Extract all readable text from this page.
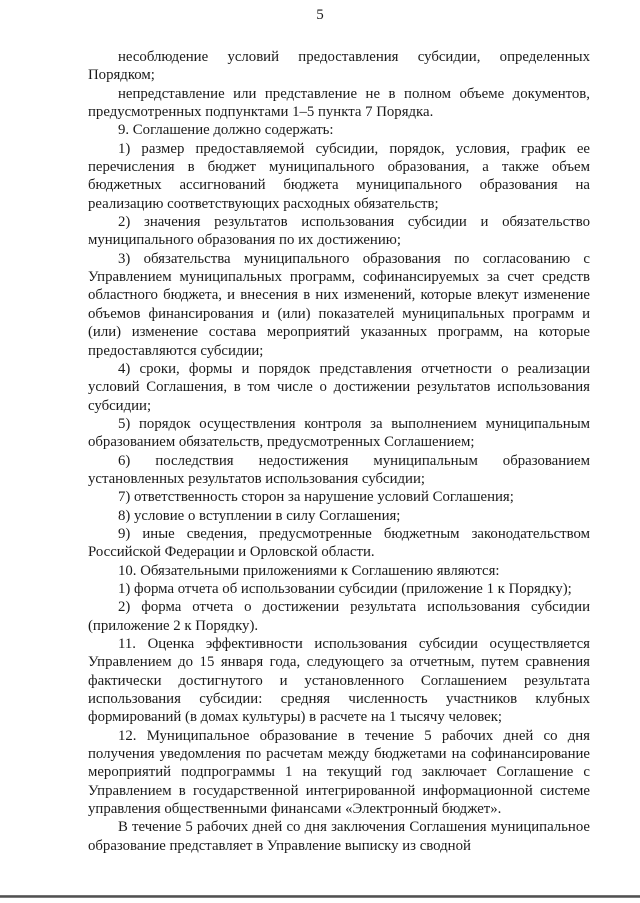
5

несоблюдение условий предоставления субсидии, определенных Порядком;

непредставление или представление не в полном объеме документов, предусмотренных подпунктами 1–5 пункта 7 Порядка.

9. Соглашение должно содержать:

1) размер предоставляемой субсидии, порядок, условия, график ее перечисления в бюджет муниципального образования, а также объем бюджетных ассигнований бюджета муниципального образования на реализацию соответствующих расходных обязательств;

2) значения результатов использования субсидии и обязательство муниципального образования по их достижению;

3) обязательства муниципального образования по согласованию с Управлением муниципальных программ, софинансируемых за счет средств областного бюджета, и внесения в них изменений, которые влекут изменение объемов финансирования и (или) показателей муниципальных программ и (или) изменение состава мероприятий указанных программ, на которые предоставляются субсидии;

4) сроки, формы и порядок представления отчетности о реализации условий Соглашения, в том числе о достижении результатов использования субсидии;

5) порядок осуществления контроля за выполнением муниципальным образованием обязательств, предусмотренных Соглашением;

6) последствия недостижения муниципальным образованием установленных результатов использования субсидии;

7) ответственность сторон за нарушение условий Соглашения;

8) условие о вступлении в силу Соглашения;

9) иные сведения, предусмотренные бюджетным законодательством Российской Федерации и Орловской области.

10. Обязательными приложениями к Соглашению являются:

1) форма отчета об использовании субсидии (приложение 1 к Порядку);

2) форма отчета о достижении результата использования субсидии (приложение 2 к Порядку).

11. Оценка эффективности использования субсидии осуществляется Управлением до 15 января года, следующего за отчетным, путем сравнения фактически достигнутого и установленного Соглашением результата использования субсидии: средняя численность участников клубных формирований (в домах культуры) в расчете на 1 тысячу человек;

12. Муниципальное образование в течение 5 рабочих дней со дня получения уведомления по расчетам между бюджетами на софинансирование мероприятий подпрограммы 1 на текущий год заключает Соглашение с Управлением в государственной интегрированной информационной системе управления общественными финансами «Электронный бюджет».

В течение 5 рабочих дней со дня заключения Соглашения муниципальное образование представляет в Управление выписку из сводной
